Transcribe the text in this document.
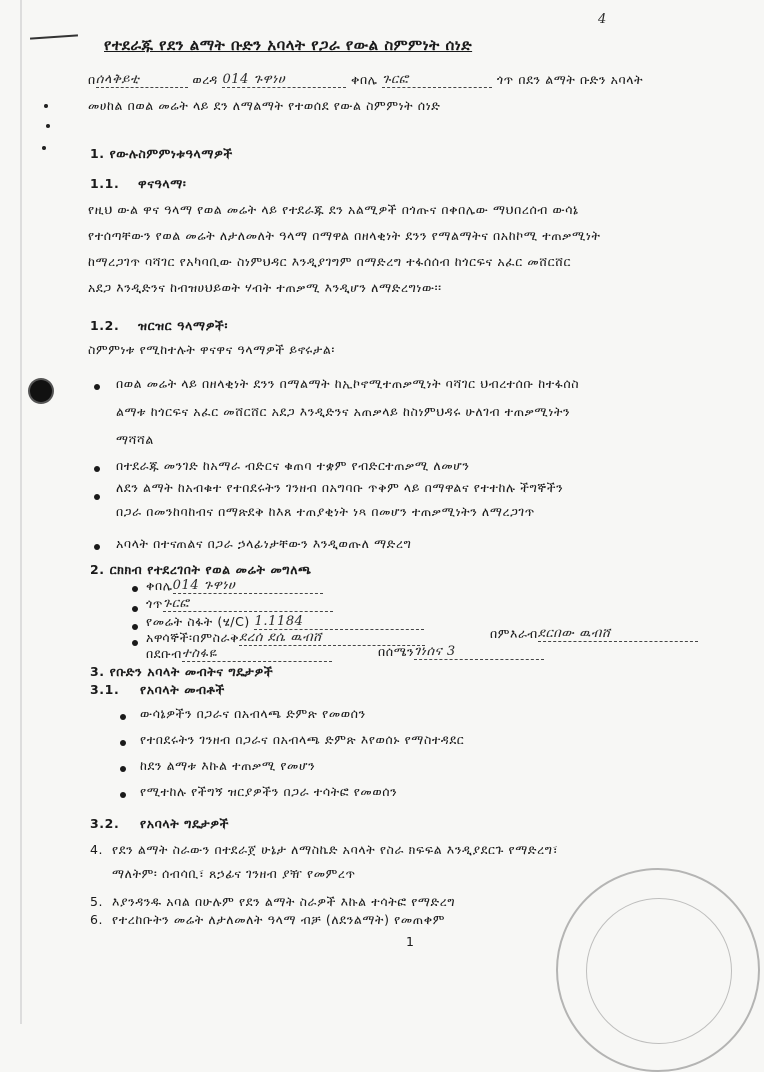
4
የተደራጁ የደን ልማት ቡድን አባላት የጋራ የውል ስምምነት ሰነድ
በሰላቅይቲ	ወረዳ 014 ጉዋነሀ	ቀበሌ ጉርፎ	ጎጥ በደን ልማት ቡድን አባላት
መሀከል በወል መሬት ላይ ደን ለማልማት የተወሰደ የውል ስምምነት ሰነድ
1. የውሉስምምነቱዓላማዎች
1.1. ዋናዓላማ፡
የዚህ ውል ዋና ዓላማ የወል መሬት ላይ የተደራጁ ደን አልሚዎች በጎጡና በቀበሌው ማህበረሰብ ውሳኔ
የተሰጣቸውን የወል መሬት ለታለመለት ዓላማ በማዋል በዘላቂነት ደንን የማልማትና በአከኮሚ ተጠቃሚነት
ከማረጋገጥ ባሻገር የአካባቢው ስነምህዳር እንዲያገግም በማድረግ ተፋሰሰብ ከጎርፍና አፈር መሸርሸር
አደጋ እንዲድንና ከብዝሀህይወት ሃብት ተጠቃሚ እንዲሆን ለማድረግነው፡፡
1.2. ዝርዝር ዓላማዎች፡
ስምምነቱ የሚከተሉት ዋናዋና ዓላማዎች ይኖሩታል፡
በወል መሬት ላይ በዘላቂነት ደንን በማልማት ከኢኮኖሚተጠቃሚነት ባሻገር ህብረተሰቡ ከተፋሰስ
ልማቱ ከጎርፍና አፈር መሸርሸር አደጋ እንዲድንና አጠቃላይ ከስነምህዳሩ ሁለገብ ተጠቃሚነትን
ማሻሻል
በተደራጁ መንገድ ከአማራ ብድርና ቁጠባ ተቋም የብድርተጠቃሚ ለመሆን
ለደን ልማት ከአብቁተ የተበደሩትን ገንዘብ በአግባቡ ጥቅም ላይ በማዋልና የተተከሉ ችግኞችን
በጋራ በመንከባከብና በማጽደቅ ከእጸ ተጠያቂነት ነጻ በመሆን ተጠቃሚነትን ለማረጋገጥ
አባላት በተናጠልና በጋራ ኃላፊነታቸውን እንዲወጡለ ማድረግ
2. ርክክብ የተደረገበት የወል መሬት መግለጫ
ቀበሌ014 ጉዋነሀ
ጎጥጉርፎ
የመሬት ስፋት (ሄ/C) 1.1184
አዋሳኞች፡በምስራቅደረሰ ደሴ ዉብሸ	በምእራብደርበው ዉብሸ
በደቡብተስፋዬ	በሰሜንገነሰና 3
3. የቡድን አባላት መብትና ግዴታዎች
3.1. የአባላት መብቶች
ውሳኔዎችን በጋራና በአብላጫ ድምጽ የመወሰን
የተበደሩትን ገንዘብ በጋራና በአብላጫ ድምጽ እየወሰኑ የማስተዳደር
ከደን ልማቱ እኩል ተጠቃሚ የመሆን
የሚተከሉ የችግኝ ዝርያዎችን በጋራ ተሳትፎ የመወሰን
3.2. የአባላት ግዴታዎች
4. የደን ልማት ስራውን በተደራጀ ሁኔታ ለማስኬድ አባላት የስራ ክፍፍል እንዲያደርጉ የማድረግ፣
ማለትም፡ ሰብሳቢ፣ ጸኃፊና ገንዘብ ያዥ የመምረጥ
5. እያንዳንዱ አባል በሁሉም የደን ልማት ስራዎች እኩል ተሳትፎ የማድረግ
6. የተረከቡትን መሬት ለታለመለት ዓላማ ብቻ (ለደንልማት) የመጠቀም
1
